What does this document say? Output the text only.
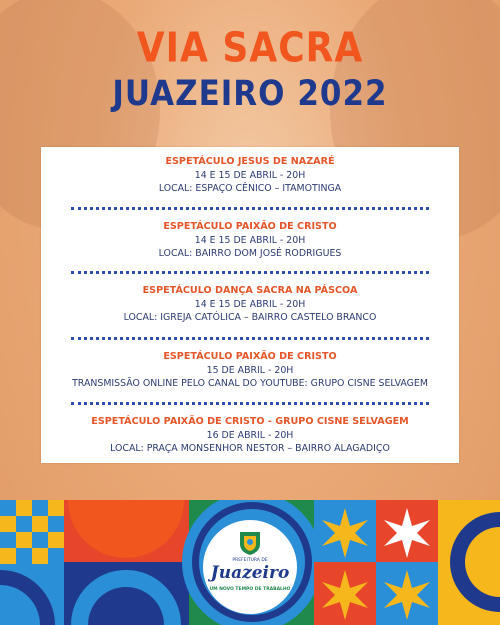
VIA SACRA
JUAZEIRO 2022
ESPETÁCULO JESUS DE NAZARÉ
14 E 15 DE ABRIL - 20H
LOCAL: ESPAÇO CÊNICO – ITAMOTINGA
ESPETÁCULO PAIXÃO DE CRISTO
14 E 15 DE ABRIL - 20H
LOCAL: BAIRRO DOM JOSÉ RODRIGUES
ESPETÁCULO DANÇA SACRA NA PÁSCOA
14 E 15 DE ABRIL - 20H
LOCAL: IGREJA CATÓLICA – BAIRRO CASTELO BRANCO
ESPETÁCULO PAIXÃO DE CRISTO
15 DE ABRIL - 20H
TRANSMISSÃO ONLINE PELO CANAL DO YOUTUBE: GRUPO CISNE SELVAGEM
ESPETÁCULO PAIXÃO DE CRISTO - GRUPO CISNE SELVAGEM
16 DE ABRIL - 20H
LOCAL: PRAÇA MONSENHOR NESTOR – BAIRRO ALAGADIÇO
PREFEITURA DE
Juazeiro
UM NOVO TEMPO DE TRABALHO
